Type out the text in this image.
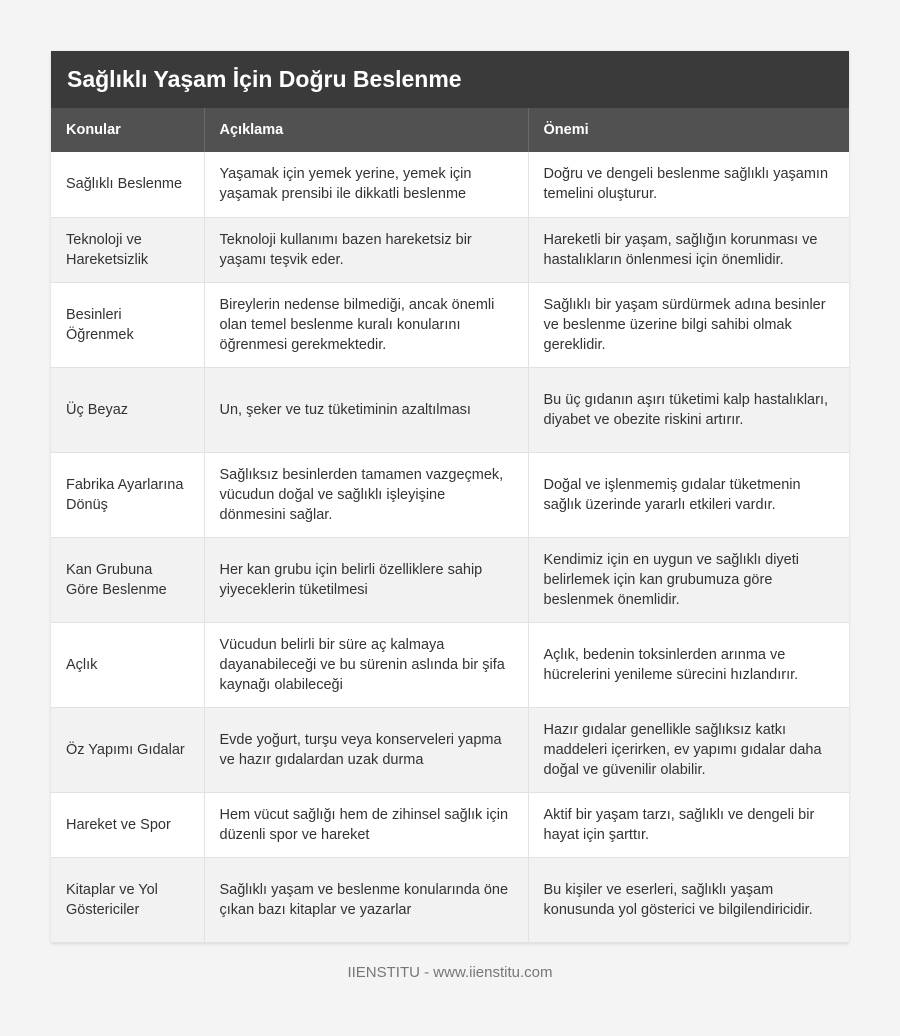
Sağlıklı Yaşam İçin Doğru Beslenme
Konular	Açıklama	Önemi
Sağlıklı Beslenme	Yaşamak için yemek yerine, yemek için yaşamak prensibi ile dikkatli beslenme	Doğru ve dengeli beslenme sağlıklı yaşamın temelini oluşturur.
Teknoloji ve Hareketsizlik	Teknoloji kullanımı bazen hareketsiz bir yaşamı teşvik eder.	Hareketli bir yaşam, sağlığın korunması ve hastalıkların önlenmesi için önemlidir.
Besinleri Öğrenmek	Bireylerin nedense bilmediği, ancak önemli olan temel beslenme kuralı konularını öğrenmesi gerekmektedir.	Sağlıklı bir yaşam sürdürmek adına besinler ve beslenme üzerine bilgi sahibi olmak gereklidir.
Üç Beyaz	Un, şeker ve tuz tüketiminin azaltılması	Bu üç gıdanın aşırı tüketimi kalp hastalıkları, diyabet ve obezite riskini artırır.
Fabrika Ayarlarına Dönüş	Sağlıksız besinlerden tamamen vazgeçmek, vücudun doğal ve sağlıklı işleyişine dönmesini sağlar.	Doğal ve işlenmemiş gıdalar tüketmenin sağlık üzerinde yararlı etkileri vardır.
Kan Grubuna Göre Beslenme	Her kan grubu için belirli özelliklere sahip yiyeceklerin tüketilmesi	Kendimiz için en uygun ve sağlıklı diyeti belirlemek için kan grubumuza göre beslenmek önemlidir.
Açlık	Vücudun belirli bir süre aç kalmaya dayanabileceği ve bu sürenin aslında bir şifa kaynağı olabileceği	Açlık, bedenin toksinlerden arınma ve hücrelerini yenileme sürecini hızlandırır.
Öz Yapımı Gıdalar	Evde yoğurt, turşu veya konserveleri yapma ve hazır gıdalardan uzak durma	Hazır gıdalar genellikle sağlıksız katkı maddeleri içerirken, ev yapımı gıdalar daha doğal ve güvenilir olabilir.
Hareket ve Spor	Hem vücut sağlığı hem de zihinsel sağlık için düzenli spor ve hareket	Aktif bir yaşam tarzı, sağlıklı ve dengeli bir hayat için şarttır.
Kitaplar ve Yol Göstericiler	Sağlıklı yaşam ve beslenme konularında öne çıkan bazı kitaplar ve yazarlar	Bu kişiler ve eserleri, sağlıklı yaşam konusunda yol gösterici ve bilgilendiricidir.
IIENSTITU - www.iienstitu.com
